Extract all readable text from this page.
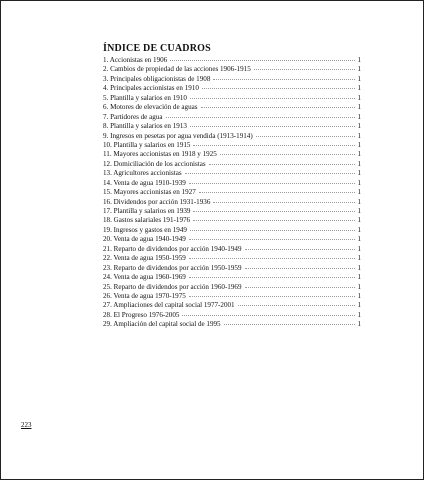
ÍNDICE DE CUADROS
1. Accionistas en 1906	1
2. Cambios de propiedad de las acciones 1906-1915	1
3. Principales obligacionistas de 1908	1
4. Principales accionistas en 1910	1
5. Plantilla y salarios en 1910	1
6. Motores de elevación de aguas	1
7. Partidores de agua	1
8. Plantilla y salarios en 1913	1
9. Ingresos en pesetas por agua vendida (1913-1914)	1
10. Plantilla y salarios en 1915	1
11. Mayores accionistas en 1918 y 1925	1
12. Domiciliación de los accionistas	1
13. Agricultores accionistas	1
14. Venta de agua 1910-1939	1
15. Mayores accionistas en 1927	1
16. Dividendos por acción 1931-1936	1
17. Plantilla y salarios en 1939	1
18. Gastos salariales 191-1976	1
19. Ingresos y gastos en 1949	1
20. Venta de agua 1940-1949	1
21. Reparto de dividendos por acción 1940-1949	1
22. Venta de agua 1950-1959	1
23. Reparto de dividendos por acción 1950-1959	1
24. Venta de agua 1960-1969	1
25. Reparto de dividendos por acción 1960-1969	1
26. Venta de agua 1970-1975	1
27. Ampliaciones del capital social 1977-2001	1
28. El Progreso 1976-2005	1
29. Ampliación del capital social de 1995	1
223
